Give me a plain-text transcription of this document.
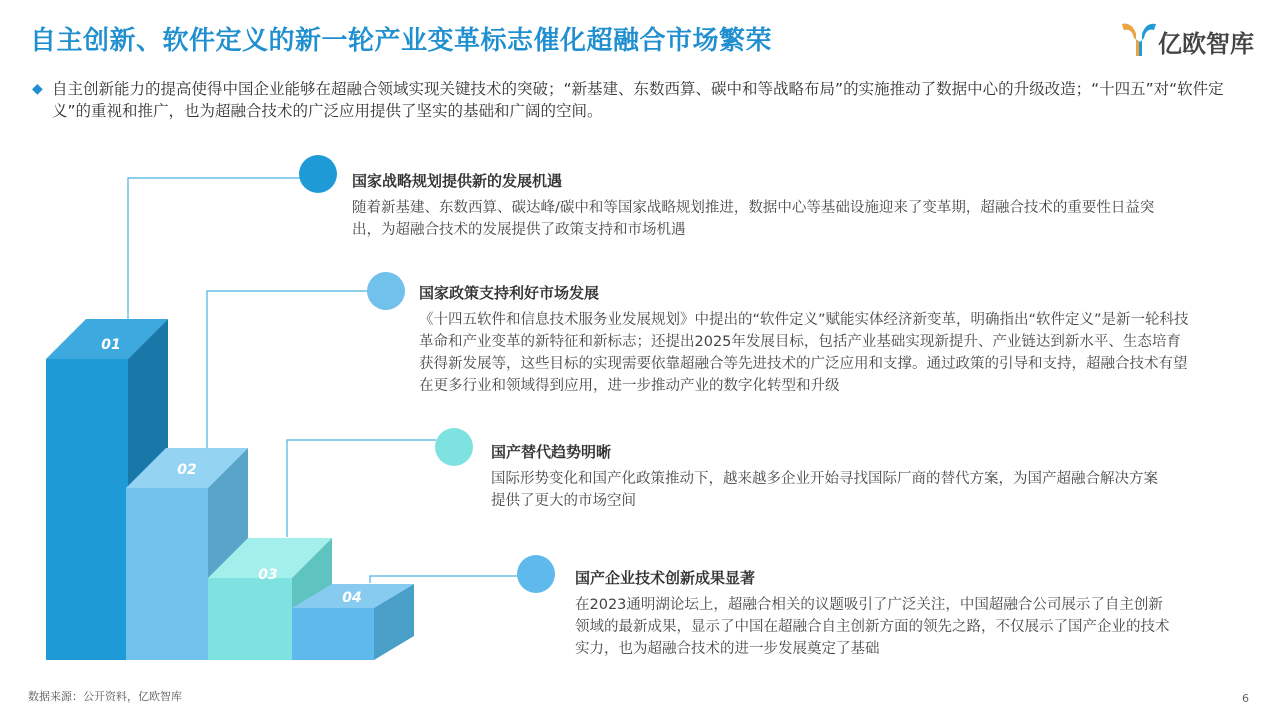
自主创新、软件定义的新一轮产业变革标志催化超融合市场繁荣	亿欧智库
◆ 自主创新能力的提高使得中国企业能够在超融合领域实现关键技术的突破；“新基建、东数西算、碳中和等战略布局”的实施推动了数据中心的升级改造；“十四五”对“软件定义”的重视和推广，也为超融合技术的广泛应用提供了坚实的基础和广阔的空间。

01
02
03
04

国家战略规划提供新的发展机遇

随着新基建、东数西算、碳达峰/碳中和等国家战略规划推进，数据中心等基础设施迎来了变革期，超融合技术的重要性日益突出，为超融合技术的发展提供了政策支持和市场机遇

国家政策支持利好市场发展

《十四五软件和信息技术服务业发展规划》中提出的“软件定义”赋能实体经济新变革，明确指出“软件定义”是新一轮科技革命和产业变革的新特征和新标志；还提出2025年发展目标，包括产业基础实现新提升、产业链达到新水平、生态培育获得新发展等，这些目标的实现需要依靠超融合等先进技术的广泛应用和支撑。通过政策的引导和支持，超融合技术有望在更多行业和领域得到应用，进一步推动产业的数字化转型和升级

国产替代趋势明晰

国际形势变化和国产化政策推动下，越来越多企业开始寻找国际厂商的替代方案，为国产超融合解决方案提供了更大的市场空间

国产企业技术创新成果显著

在2023通明湖论坛上，超融合相关的议题吸引了广泛关注，中国超融合公司展示了自主创新领域的最新成果，显示了中国在超融合自主创新方面的领先之路，不仅展示了国产企业的技术实力，也为超融合技术的进一步发展奠定了基础

数据来源：公开资料，亿欧智库	6
